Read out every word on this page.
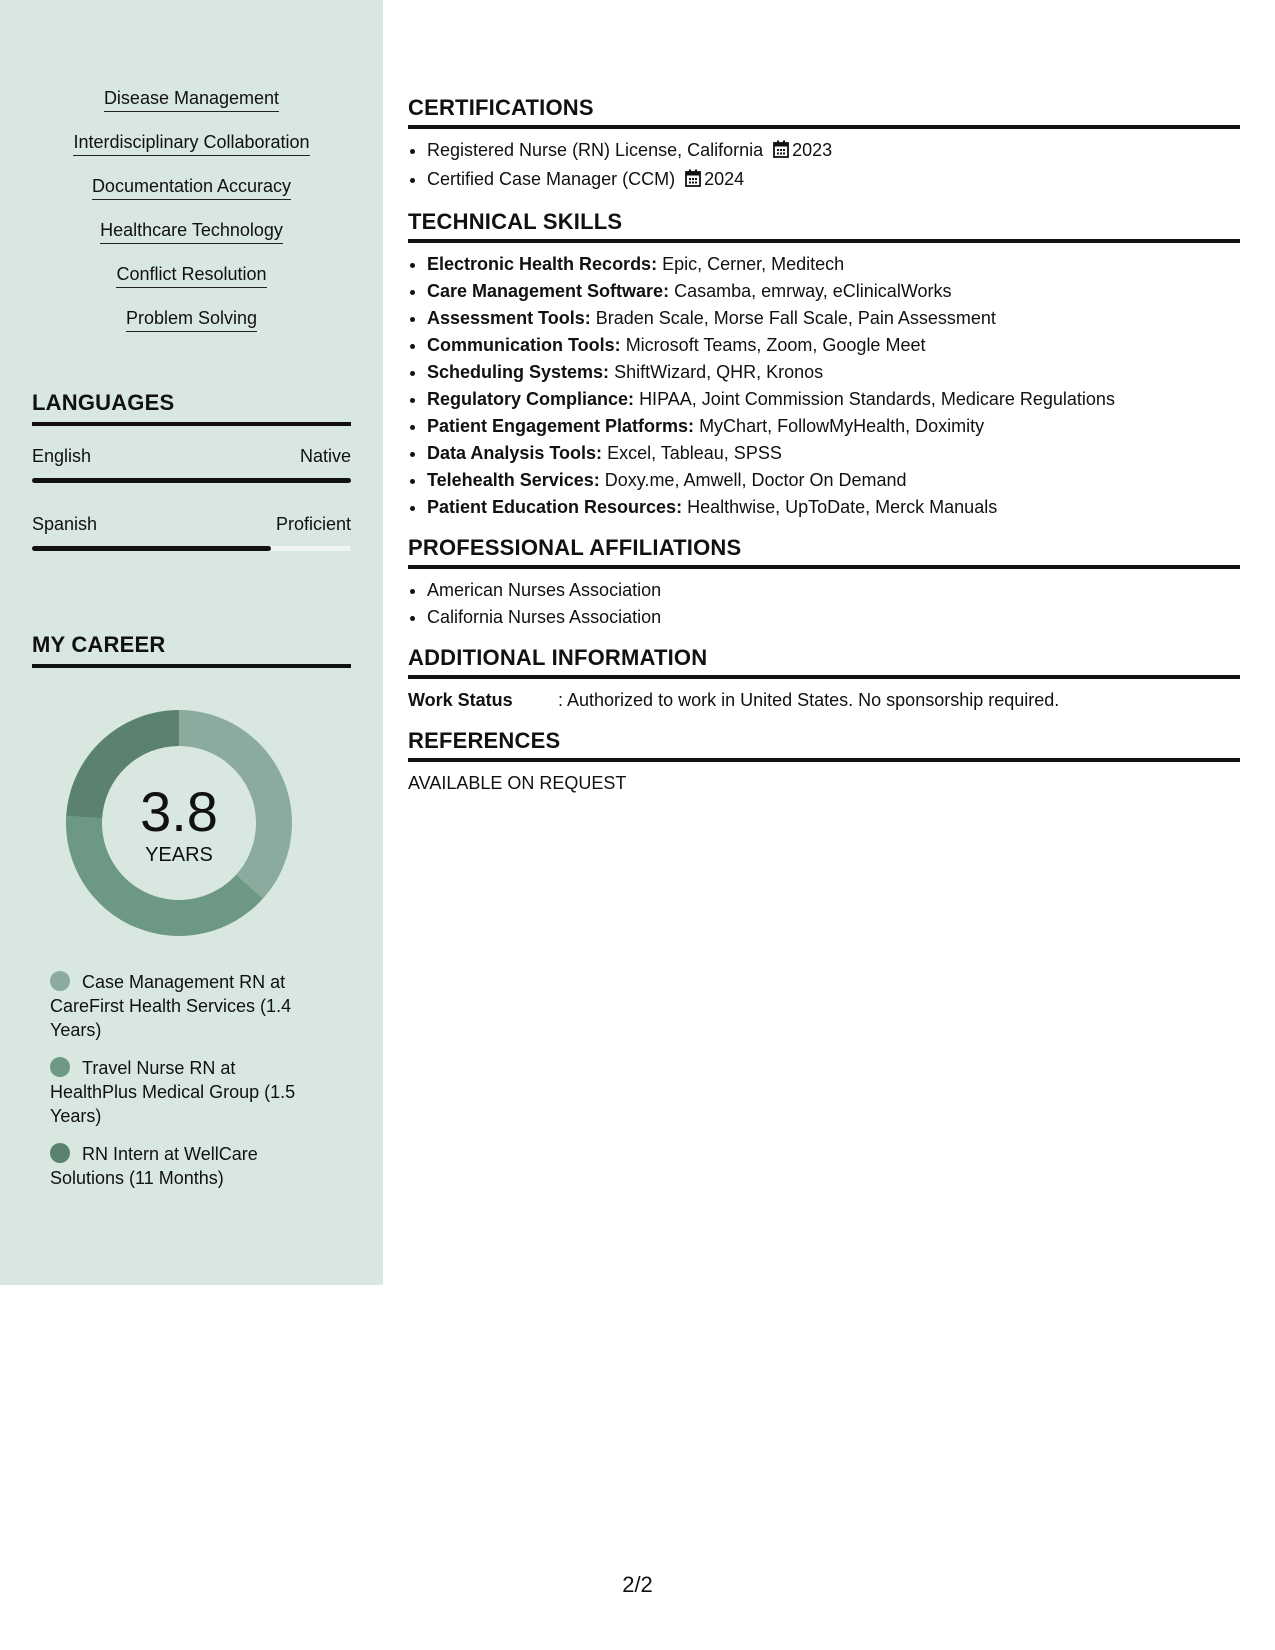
Disease Management
Interdisciplinary Collaboration
Documentation Accuracy
Healthcare Technology
Conflict Resolution
Problem Solving
LANGUAGES
English	Native
Spanish	Proficient
MY CAREER
3.8
YEARS
Case Management RN at CareFirst Health Services (1.4 Years)
Travel Nurse RN at HealthPlus Medical Group (1.5 Years)
RN Intern at WellCare Solutions (11 Months)
CERTIFICATIONS
• Registered Nurse (RN) License, California 2023
• Certified Case Manager (CCM) 2024
TECHNICAL SKILLS
• Electronic Health Records: Epic, Cerner, Meditech
• Care Management Software: Casamba, emrway, eClinicalWorks
• Assessment Tools: Braden Scale, Morse Fall Scale, Pain Assessment
• Communication Tools: Microsoft Teams, Zoom, Google Meet
• Scheduling Systems: ShiftWizard, QHR, Kronos
• Regulatory Compliance: HIPAA, Joint Commission Standards, Medicare Regulations
• Patient Engagement Platforms: MyChart, FollowMyHealth, Doximity
• Data Analysis Tools: Excel, Tableau, SPSS
• Telehealth Services: Doxy.me, Amwell, Doctor On Demand
• Patient Education Resources: Healthwise, UpToDate, Merck Manuals
PROFESSIONAL AFFILIATIONS
• American Nurses Association
• California Nurses Association
ADDITIONAL INFORMATION
Work Status	: Authorized to work in United States. No sponsorship required.
REFERENCES
AVAILABLE ON REQUEST
2/2
